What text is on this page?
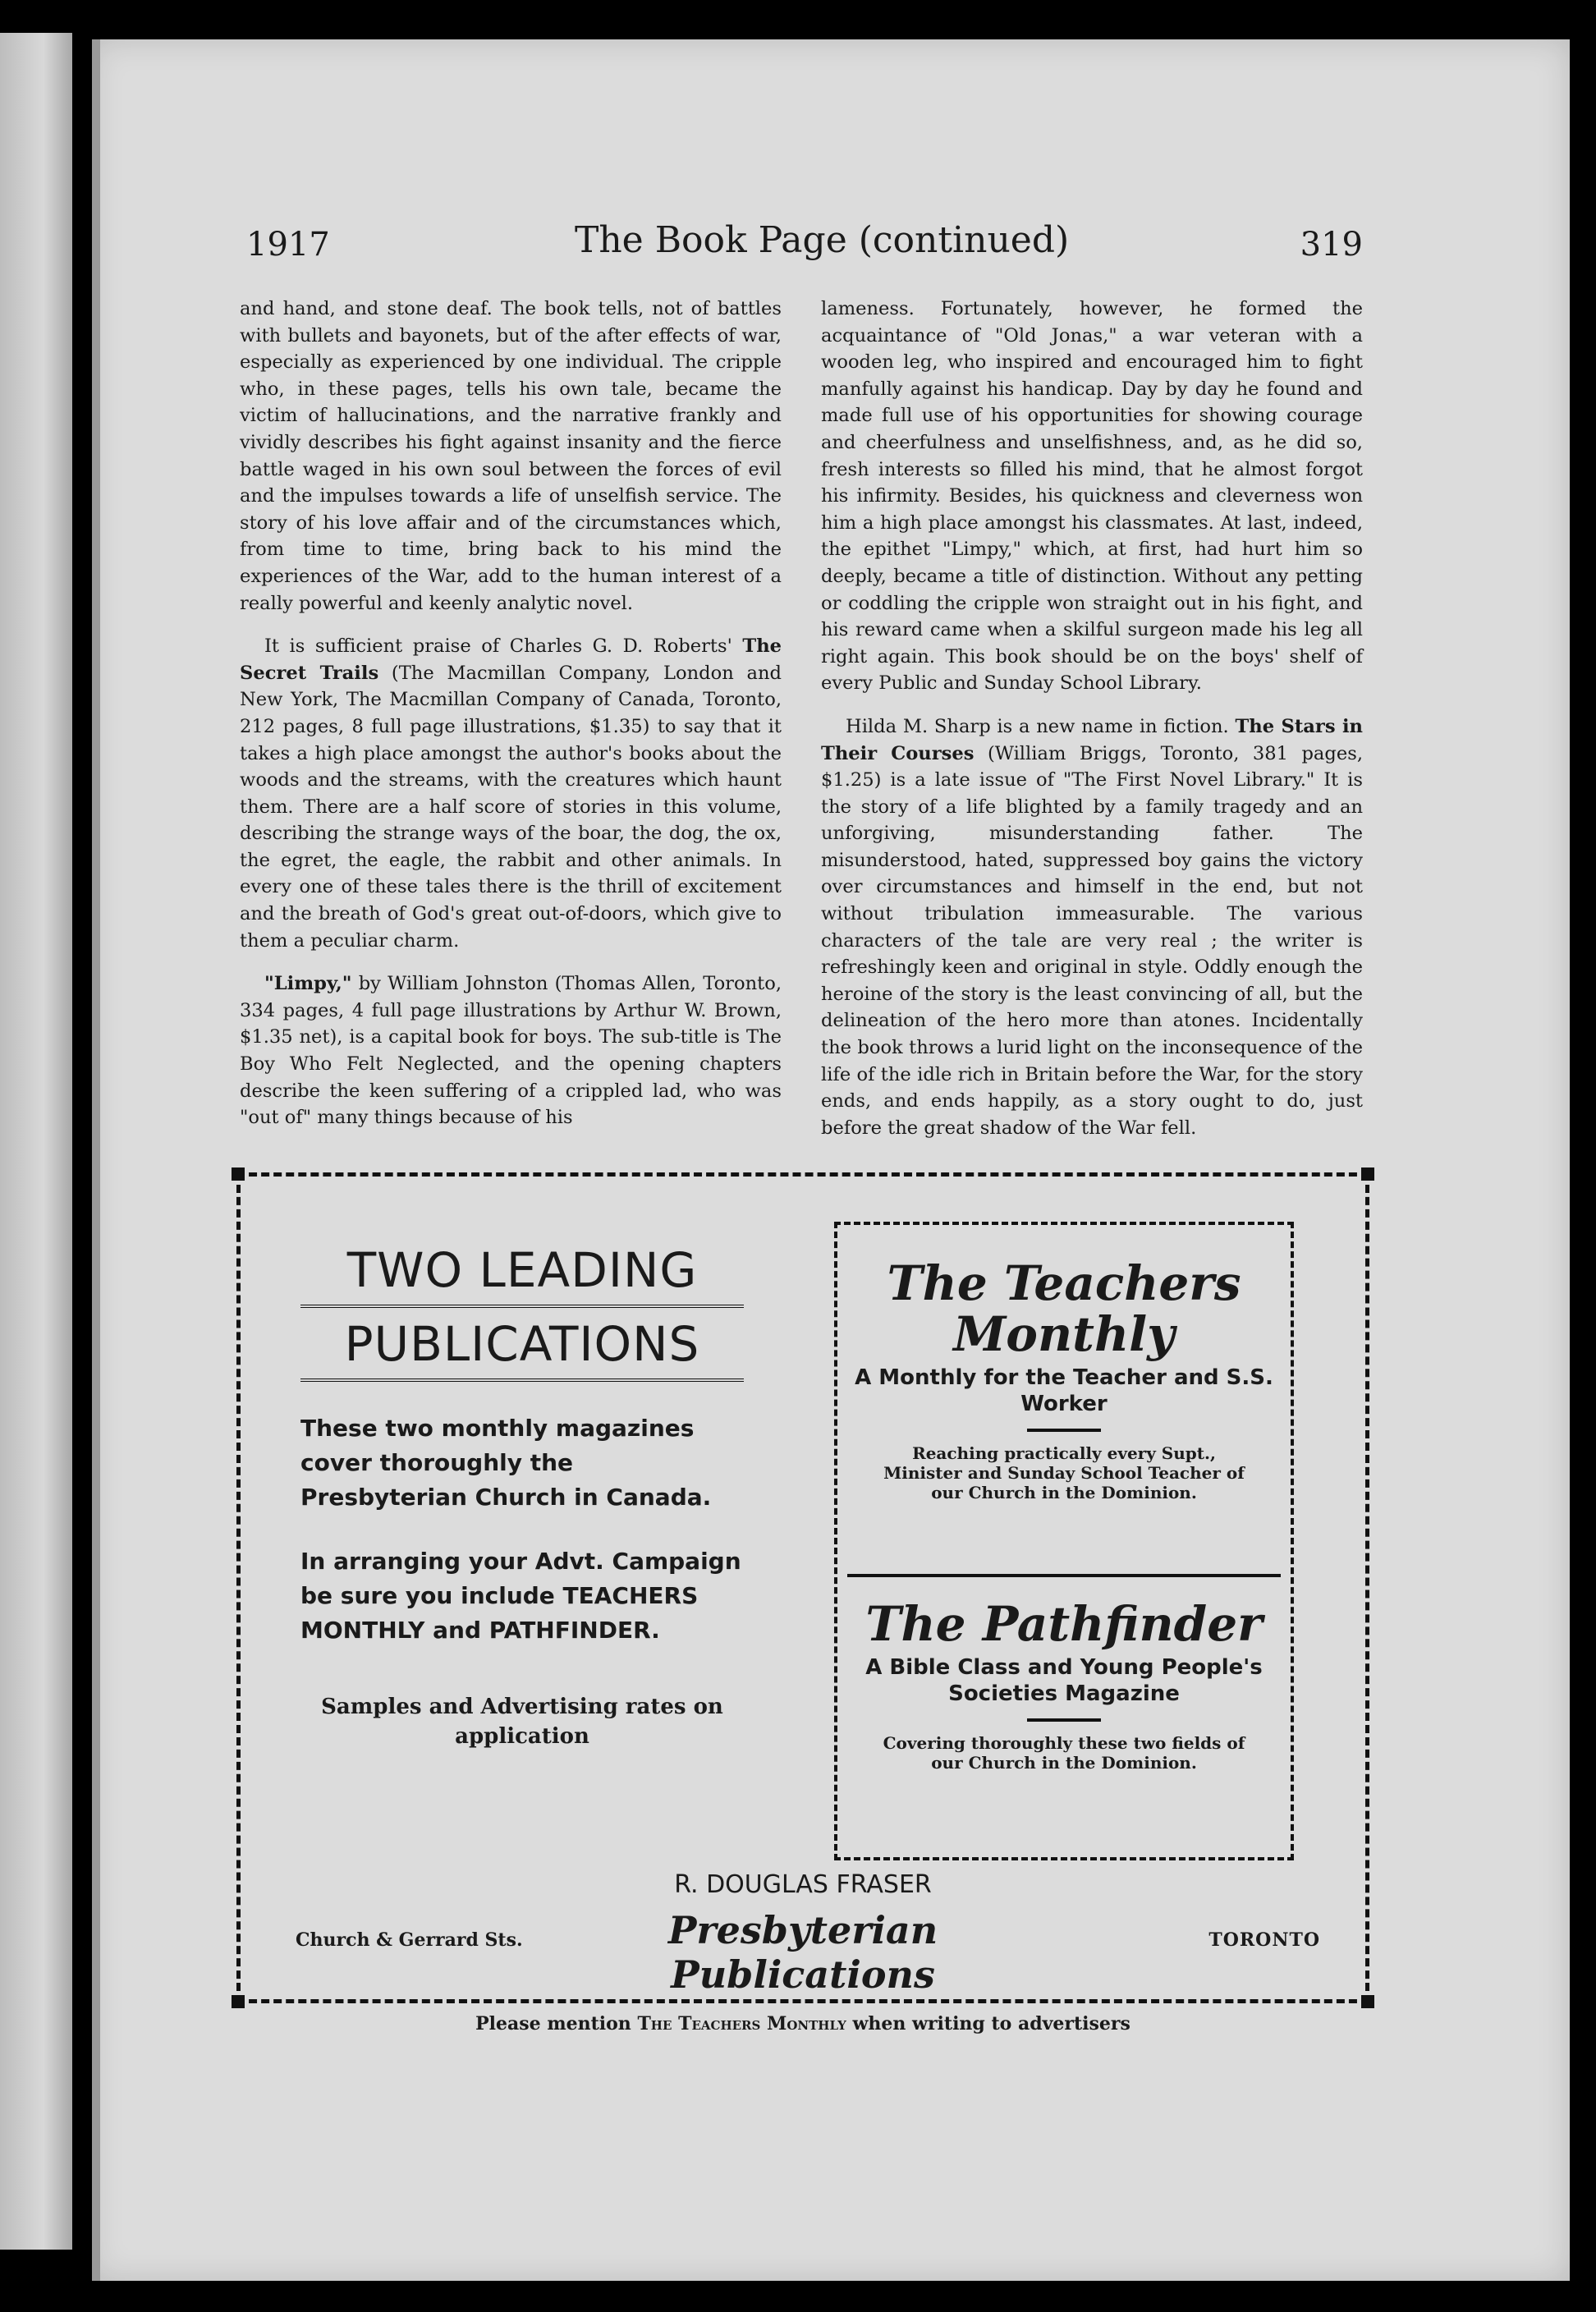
1917	The Book Page (continued)	319

and hand, and stone deaf. The book tells, not of battles with bullets and bayonets, but of the after effects of war, especially as experienced by one individual. The cripple who, in these pages, tells his own tale, became the victim of hallucinations, and the narrative frankly and vividly describes his fight against insanity and the fierce battle waged in his own soul between the forces of evil and the impulses towards a life of unselfish service. The story of his love affair and of the circumstances which, from time to time, bring back to his mind the experiences of the War, add to the human interest of a really powerful and keenly analytic novel.

It is sufficient praise of Charles G. D. Roberts' The Secret Trails (The Macmillan Company, London and New York, The Macmillan Company of Canada, Toronto, 212 pages, 8 full page illustrations, $1.35) to say that it takes a high place amongst the author's books about the woods and the streams, with the creatures which haunt them. There are a half score of stories in this volume, describing the strange ways of the boar, the dog, the ox, the egret, the eagle, the rabbit and other animals. In every one of these tales there is the thrill of excitement and the breath of God's great out-of-doors, which give to them a peculiar charm.

"Limpy," by William Johnston (Thomas Allen, Toronto, 334 pages, 4 full page illustrations by Arthur W. Brown, $1.35 net), is a capital book for boys. The sub-title is The Boy Who Felt Neglected, and the opening chapters describe the keen suffering of a crippled lad, who was "out of" many things because of his

lameness. Fortunately, however, he formed the acquaintance of "Old Jonas," a war veteran with a wooden leg, who inspired and encouraged him to fight manfully against his handicap. Day by day he found and made full use of his opportunities for showing courage and cheerfulness and unselfishness, and, as he did so, fresh interests so filled his mind, that he almost forgot his infirmity. Besides, his quickness and cleverness won him a high place amongst his classmates. At last, indeed, the epithet "Limpy," which, at first, had hurt him so deeply, became a title of distinction. Without any petting or coddling the cripple won straight out in his fight, and his reward came when a skilful surgeon made his leg all right again. This book should be on the boys' shelf of every Public and Sunday School Library.

Hilda M. Sharp is a new name in fiction. The Stars in Their Courses (William Briggs, Toronto, 381 pages, $1.25) is a late issue of "The First Novel Library." It is the story of a life blighted by a family tragedy and an unforgiving, misunderstanding father. The misunderstood, hated, suppressed boy gains the victory over circumstances and himself in the end, but not without tribulation immeasurable. The various characters of the tale are very real ; the writer is refreshingly keen and original in style. Oddly enough the heroine of the story is the least convincing of all, but the delineation of the hero more than atones. Incidentally the book throws a lurid light on the inconsequence of the life of the idle rich in Britain before the War, for the story ends, and ends happily, as a story ought to do, just before the great shadow of the War fell.

TWO LEADING
PUBLICATIONS
These two monthly magazines cover thoroughly the Presbyterian Church in Canada.
In arranging your Advt. Campaign be sure you include TEACHERS MONTHLY and PATHFINDER.
Samples and Advertising rates on application
The Teachers
Monthly
A Monthly for the Teacher and S.S. Worker
Reaching practically every Supt., Minister and Sunday School Teacher of our Church in the Dominion.
The Pathfinder
A Bible Class and Young People's Societies Magazine
Covering thoroughly these two fields of our Church in the Dominion.
R. DOUGLAS FRASER
Church & Gerrard Sts.	Presbyterian Publications
TORONTO
Please mention The Teachers Monthly when writing to advertisers
